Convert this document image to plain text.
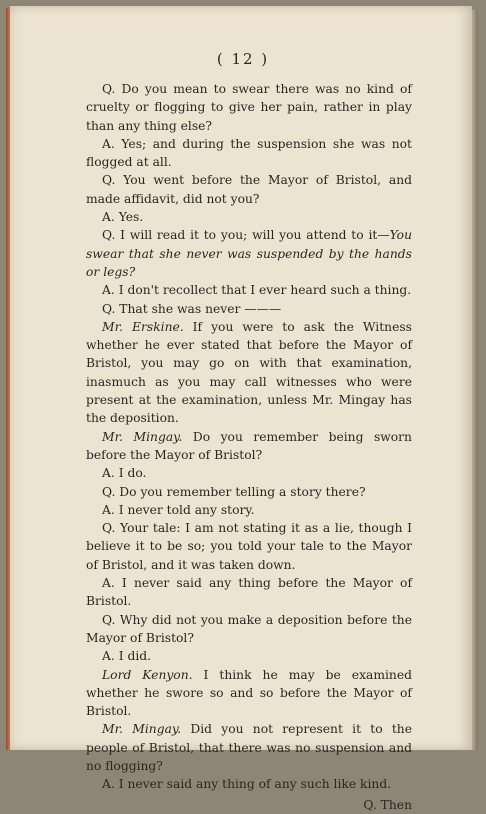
( 12 )

Q. Do you mean to swear there was no kind of cruelty or flogging to give her pain, rather in play than any thing else?

A. Yes; and during the suspension she was not flogged at all.

Q. You went before the Mayor of Bristol, and made affidavit, did not you?

A. Yes.

Q. I will read it to you; will you attend to it—You swear that she never was suspended by the hands or legs?

A. I don't recollect that I ever heard such a thing.

Q. That she was never ———

Mr. Erskine. If you were to ask the Witness whether he ever stated that before the Mayor of Bristol, you may go on with that examination, inasmuch as you may call witnesses who were present at the examination, unless Mr. Mingay has the deposition.

Mr. Mingay. Do you remember being sworn before the Mayor of Bristol?

A. I do.

Q. Do you remember telling a story there?

A. I never told any story.

Q. Your tale: I am not stating it as a lie, though I believe it to be so; you told your tale to the Mayor of Bristol, and it was taken down.

A. I never said any thing before the Mayor of Bristol.

Q. Why did not you make a deposition before the Mayor of Bristol?

A. I did.

Lord Kenyon. I think he may be examined whether he swore so and so before the Mayor of Bristol.

Mr. Mingay. Did you not represent it to the people of Bristol, that there was no suspension and no flogging?

A. I never said any thing of any such like kind.

Q. Then
